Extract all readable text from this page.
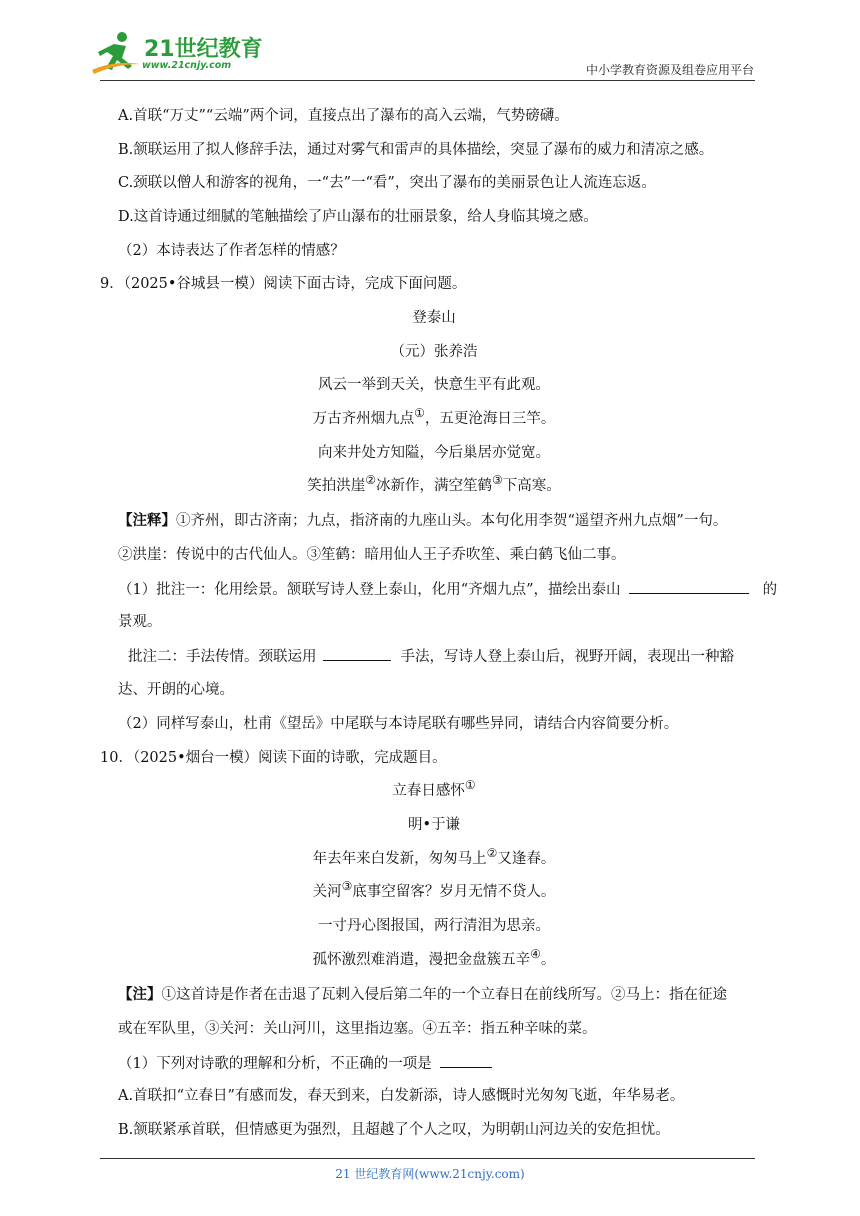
21世纪教育
www.21cnjy.com	中小学教育资源及组卷应用平台
A.首联“万丈”“云端”两个词，直接点出了瀑布的高入云端，气势磅礴。
B.颔联运用了拟人修辞手法，通过对雾气和雷声的具体描绘，突显了瀑布的威力和清凉之感。
C.颈联以僧人和游客的视角，一“去”一“看”，突出了瀑布的美丽景色让人流连忘返。
D.这首诗通过细腻的笔触描绘了庐山瀑布的壮丽景象，给人身临其境之感。
（2）本诗表达了作者怎样的情感？
9．（2025•谷城县一模）阅读下面古诗，完成下面问题。
登泰山
（元）张养浩
风云一举到天关，快意生平有此观。
万古齐州烟九点①，五更沧海日三竿。
向来井处方知隘，今后巢居亦觉宽。
笑拍洪崖②冰新作，满空笙鹤③下高寒。
【注释】①齐州，即古济南；九点，指济南的九座山头。本句化用李贺“遥望齐州九点烟”一句。
②洪崖：传说中的古代仙人。③笙鹤：暗用仙人王子乔吹笙、乘白鹤飞仙二事。
（1）批注一：化用绘景。颔联写诗人登上泰山，化用“齐烟九点”，描绘出泰山	的
景观。
批注二：手法传情。颈联运用	手法，写诗人登上泰山后，视野开阔，表现出一种豁
达、开朗的心境。
（2）同样写泰山，杜甫《望岳》中尾联与本诗尾联有哪些异同，请结合内容简要分析。
10．（2025•烟台一模）阅读下面的诗歌，完成题目。
立春日感怀①
明•于谦
年去年来白发新，匆匆马上②又逢春。
关河③底事空留客？岁月无情不贷人。
一寸丹心图报国，两行清泪为思亲。
孤怀激烈难消遣，漫把金盘簇五辛④。
【注】①这首诗是作者在击退了瓦剌入侵后第二年的一个立春日在前线所写。②马上：指在征途
或在军队里，③关河：关山河川，这里指边塞。④五辛：指五种辛味的菜。
（1）下列对诗歌的理解和分析，不正确的一项是
A.首联扣“立春日”有感而发，春天到来，白发新添，诗人感慨时光匆匆飞逝，年华易老。
B.颔联紧承首联，但情感更为强烈，且超越了个人之叹，为明朝山河边关的安危担忧。
21 世纪教育网(www.21cnjy.com)
